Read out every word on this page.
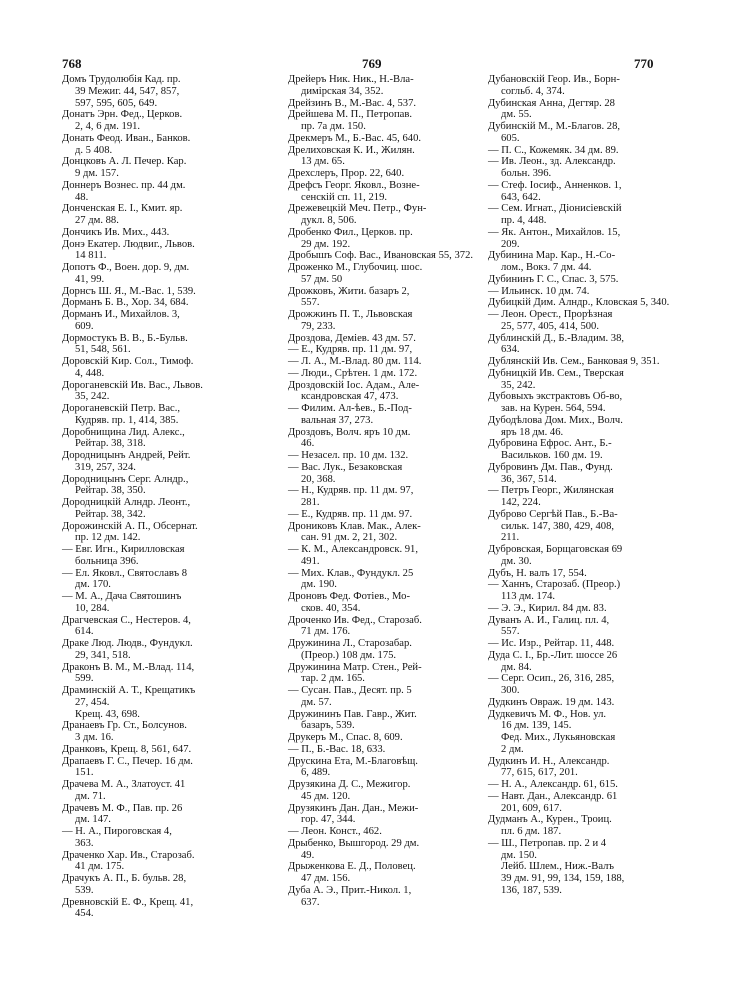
768	769	770
Домъ Трудолюбія Кад. пр.
39 Межиг. 44, 547, 857,
597, 595, 605, 649.
Донатъ Эрн. Фед., Церков.
2, 4, 6 дм. 191.
Донать Феод. Иван., Банков.
д. 5 408.
Донцковъ А. Л. Печер. Кар.
9 дм. 157.
Доннеръ Вознес. пр. 44 дм.
48.
Донченская Е. І., Кмит. яр.
27 дм. 88.
Дончикъ Ив. Мих., 443.
Донэ Екатер. Людвиг., Львов.
14 811.
Допотъ Ф., Воен. дор. 9, дм.
41, 99.
Дорнсъ Ш. Я., М.-Вас. 1, 539.
Дорманъ Б. В., Хор. 34, 684.
Дорманъ И., Михайлов. 3,
609.
Дормостукъ В. В., Б.-Бульв.
51, 548, 561.
Доровскій Кир. Сол., Тимоф.
4, 448.
Дороганевскій Ив. Вас., Львов.
35, 242.
Дороганевскій Петр. Вас.,
Кудряв. пр. 1, 414, 385.
Доробнищина Лид. Алекс.,
Рейтар. 38, 318.
Дородницынъ Андрей, Рейт.
319, 257, 324.
Дородницынъ Серг. Алндр.,
Рейтар. 38, 350.
Дородницкій Алндр. Леонт.,
Рейтар. 38, 342.
Дорожинскій А. П., Обсернат.
пр. 12 дм. 142.
— Евг. Игн., Кирилловская
больница 396.
— Ел. Яковл., Святославъ 8
дм. 170.
— М. А., Дача Святошинъ
10, 284.
Драгчевская С., Нестеров. 4,
614.
Драке Люд. Людв., Фундукл.
29, 341, 518.
Драконъ В. М., М.-Влад. 114,
599.
Драминскій А. Т., Крещатикъ
27, 454.
Крещ. 43, 698.
Дранаевъ Гр. Ст., Болсунов.
3 дм. 16.
Дранковъ, Крещ. 8, 561, 647.
Драпаевъ Г. С., Печер. 16 дм.
151.
Драчева М. А., Златоуст. 41
дм. 71.
Драчевъ М. Ф., Пав. пр. 26
дм. 147.
— Н. А., Пироговская 4,
363.
Драченко Хар. Ив., Старозаб.
41 дм. 175.
Драчукъ А. П., Б. бульв. 28,
539.
Древновскій Е. Ф., Крещ. 41,
454.
Дрейеръ Ник. Ник., Н.-Вла-
димірская 34, 352.
Дрейзинъ В., М.-Вас. 4, 537.
Дрейшева М. П., Петропав.
пр. 7а дм. 150.
Дрекмеръ М., Б.-Вас. 45, 640.
Дрелиховская К. И., Жилян.
13 дм. 65.
Дрехслеръ, Прор. 22, 640.
Дрефсъ Георг. Яковл., Возне-
сенскій сп. 11, 219.
Дрежевецкій Меч. Петр., Фун-
дукл. 8, 506.
Дробенко Фил., Церков. пр.
29 дм. 192.
Дробышъ Соф. Вас., Ивановская 55, 372.
Дроженко М., Глубочиц. шос.
57 дм. 50
Дрожковъ, Жити. базаръ 2,
557.
Дрожжинъ П. Т., Львовская
79, 233.
Дроздова, Деміев. 43 дм. 57.
— Е., Кудряв. пр. 11 дм. 97,
— Л. А., М.-Влад. 80 дм. 114.
— Люди., Срѣтен. 1 дм. 172.
Дроздовскій Іос. Адам., Але-
ксандровская 47, 473.
— Филим. Ал-ѣев., Б.-Под-
вальная 37, 273.
Дроздовъ, Волч. яръ 10 дм.
46.
— Незасел. пр. 10 дм. 132.
— Вас. Лук., Безаковская
20, 368.
— Н., Кудряв. пр. 11 дм. 97,
281.
— Е., Кудряв. пр. 11 дм. 97.
Дрониковъ Клав. Мак., Алек-
сан. 91 дм. 2, 21, 302.
— К. М., Александровск. 91,
491.
— Мих. Клав., Фундукл. 25
дм. 190.
Дроновъ Фед. Фотіев., Мо-
сков. 40, 354.
Дроченко Ив. Фед., Старозаб.
71 дм. 176.
Дружинина Л., Старозабар.
(Преор.) 108 дм. 175.
Дружинина Матр. Стен., Рей-
тар. 2 дм. 165.
— Сусан. Пав., Десят. пр. 5
дм. 57.
Дружининъ Пав. Гавр., Жит.
базаръ, 539.
Друкеръ М., Спас. 8, 609.
— П., Б.-Вас. 18, 633.
Друскина Ета, М.-Благовѣщ.
6, 489.
Друзякина Д. С., Межигор.
45 дм. 120.
Друзякинъ Дан. Дан., Межи-
гор. 47, 344.
— Леон. Конст., 462.
Дрыбенко, Вышгород. 29 дм.
49.
Дрыженкова Е. Д., Половец.
47 дм. 156.
Дуба А. Э., Прит.-Никол. 1,
637.
Дубановскій Геор. Ив., Борн-
согльб. 4, 374.
Дубинская Анна, Дегтяр. 28
дм. 55.
Дубинскій М., М.-Благов. 28,
605.
— П. С., Кожемяк. 34 дм. 89.
— Ив. Леон., зд. Александр.
больн. 396.
— Стеф. Іосиф., Анненков. 1,
643, 642.
— Сем. Игнат., Діонисіевскій
пр. 4, 448.
— Як. Антон., Михайлов. 15,
209.
Дубинина Мар. Кар., Н.-Со-
лом., Вокз. 7 дм. 44.
Дубининъ Г. С., Спас. 3, 575.
— Ильинск. 10 дм. 74.
Дубицкій Дим. Алндр., Кловская 5, 340.
— Леон. Орест., Прорѣзная
25, 577, 405, 414, 500.
Дублинскій Д., Б.-Владим. 38,
634.
Дублянскій Ив. Сем., Банковая 9, 351.
Дубницкій Ив. Сем., Тверская
35, 242.
Дубовыхъ экстрактовъ Об-во,
зав. на Курен. 564, 594.
Дубодѣлова Дом. Мих., Волч.
яръ 18 дм. 46.
Дубровина Ефрос. Ант., Б.-
Васильков. 160 дм. 19.
Дубровинъ Дм. Пав., Фунд.
36, 367, 514.
— Петръ Георг., Жилянская
142, 224.
Дуброво Сергѣй Пав., Б.-Ва-
сильк. 147, 380, 429, 408,
211.
Дубровская, Борщаговская 69
дм. 30.
Дубъ, Н. валъ 17, 554.
— Ханнъ, Старозаб. (Преор.)
113 дм. 174.
— Э. Э., Кирил. 84 дм. 83.
Дуванъ А. И., Галиц. пл. 4,
557.
— Ис. Изр., Рейтар. 11, 448.
Дуда С. І., Бр.-Лит. шоссе 26
дм. 84.
— Серг. Осип., 26, 316, 285,
300.
Дудкинъ Овраж. 19 дм. 143.
Дудкевичъ М. Ф., Нов. ул.
16 дм. 139, 145.
Фед. Мих., Лукьяновская
2 дм.
Дудкинъ И. Н., Александр.
77, 615, 617, 201.
— Н. А., Александр. 61, 615.
— Навт. Дан., Александр. 61
201, 609, 617.
Дудманъ А., Курен., Троиц.
пл. 6 дм. 187.
— Ш., Петропав. пр. 2 и 4
дм. 150.
Лейб. Шлем., Ниж.-Валъ
39 дм. 91, 99, 134, 159, 188,
136, 187, 539.
